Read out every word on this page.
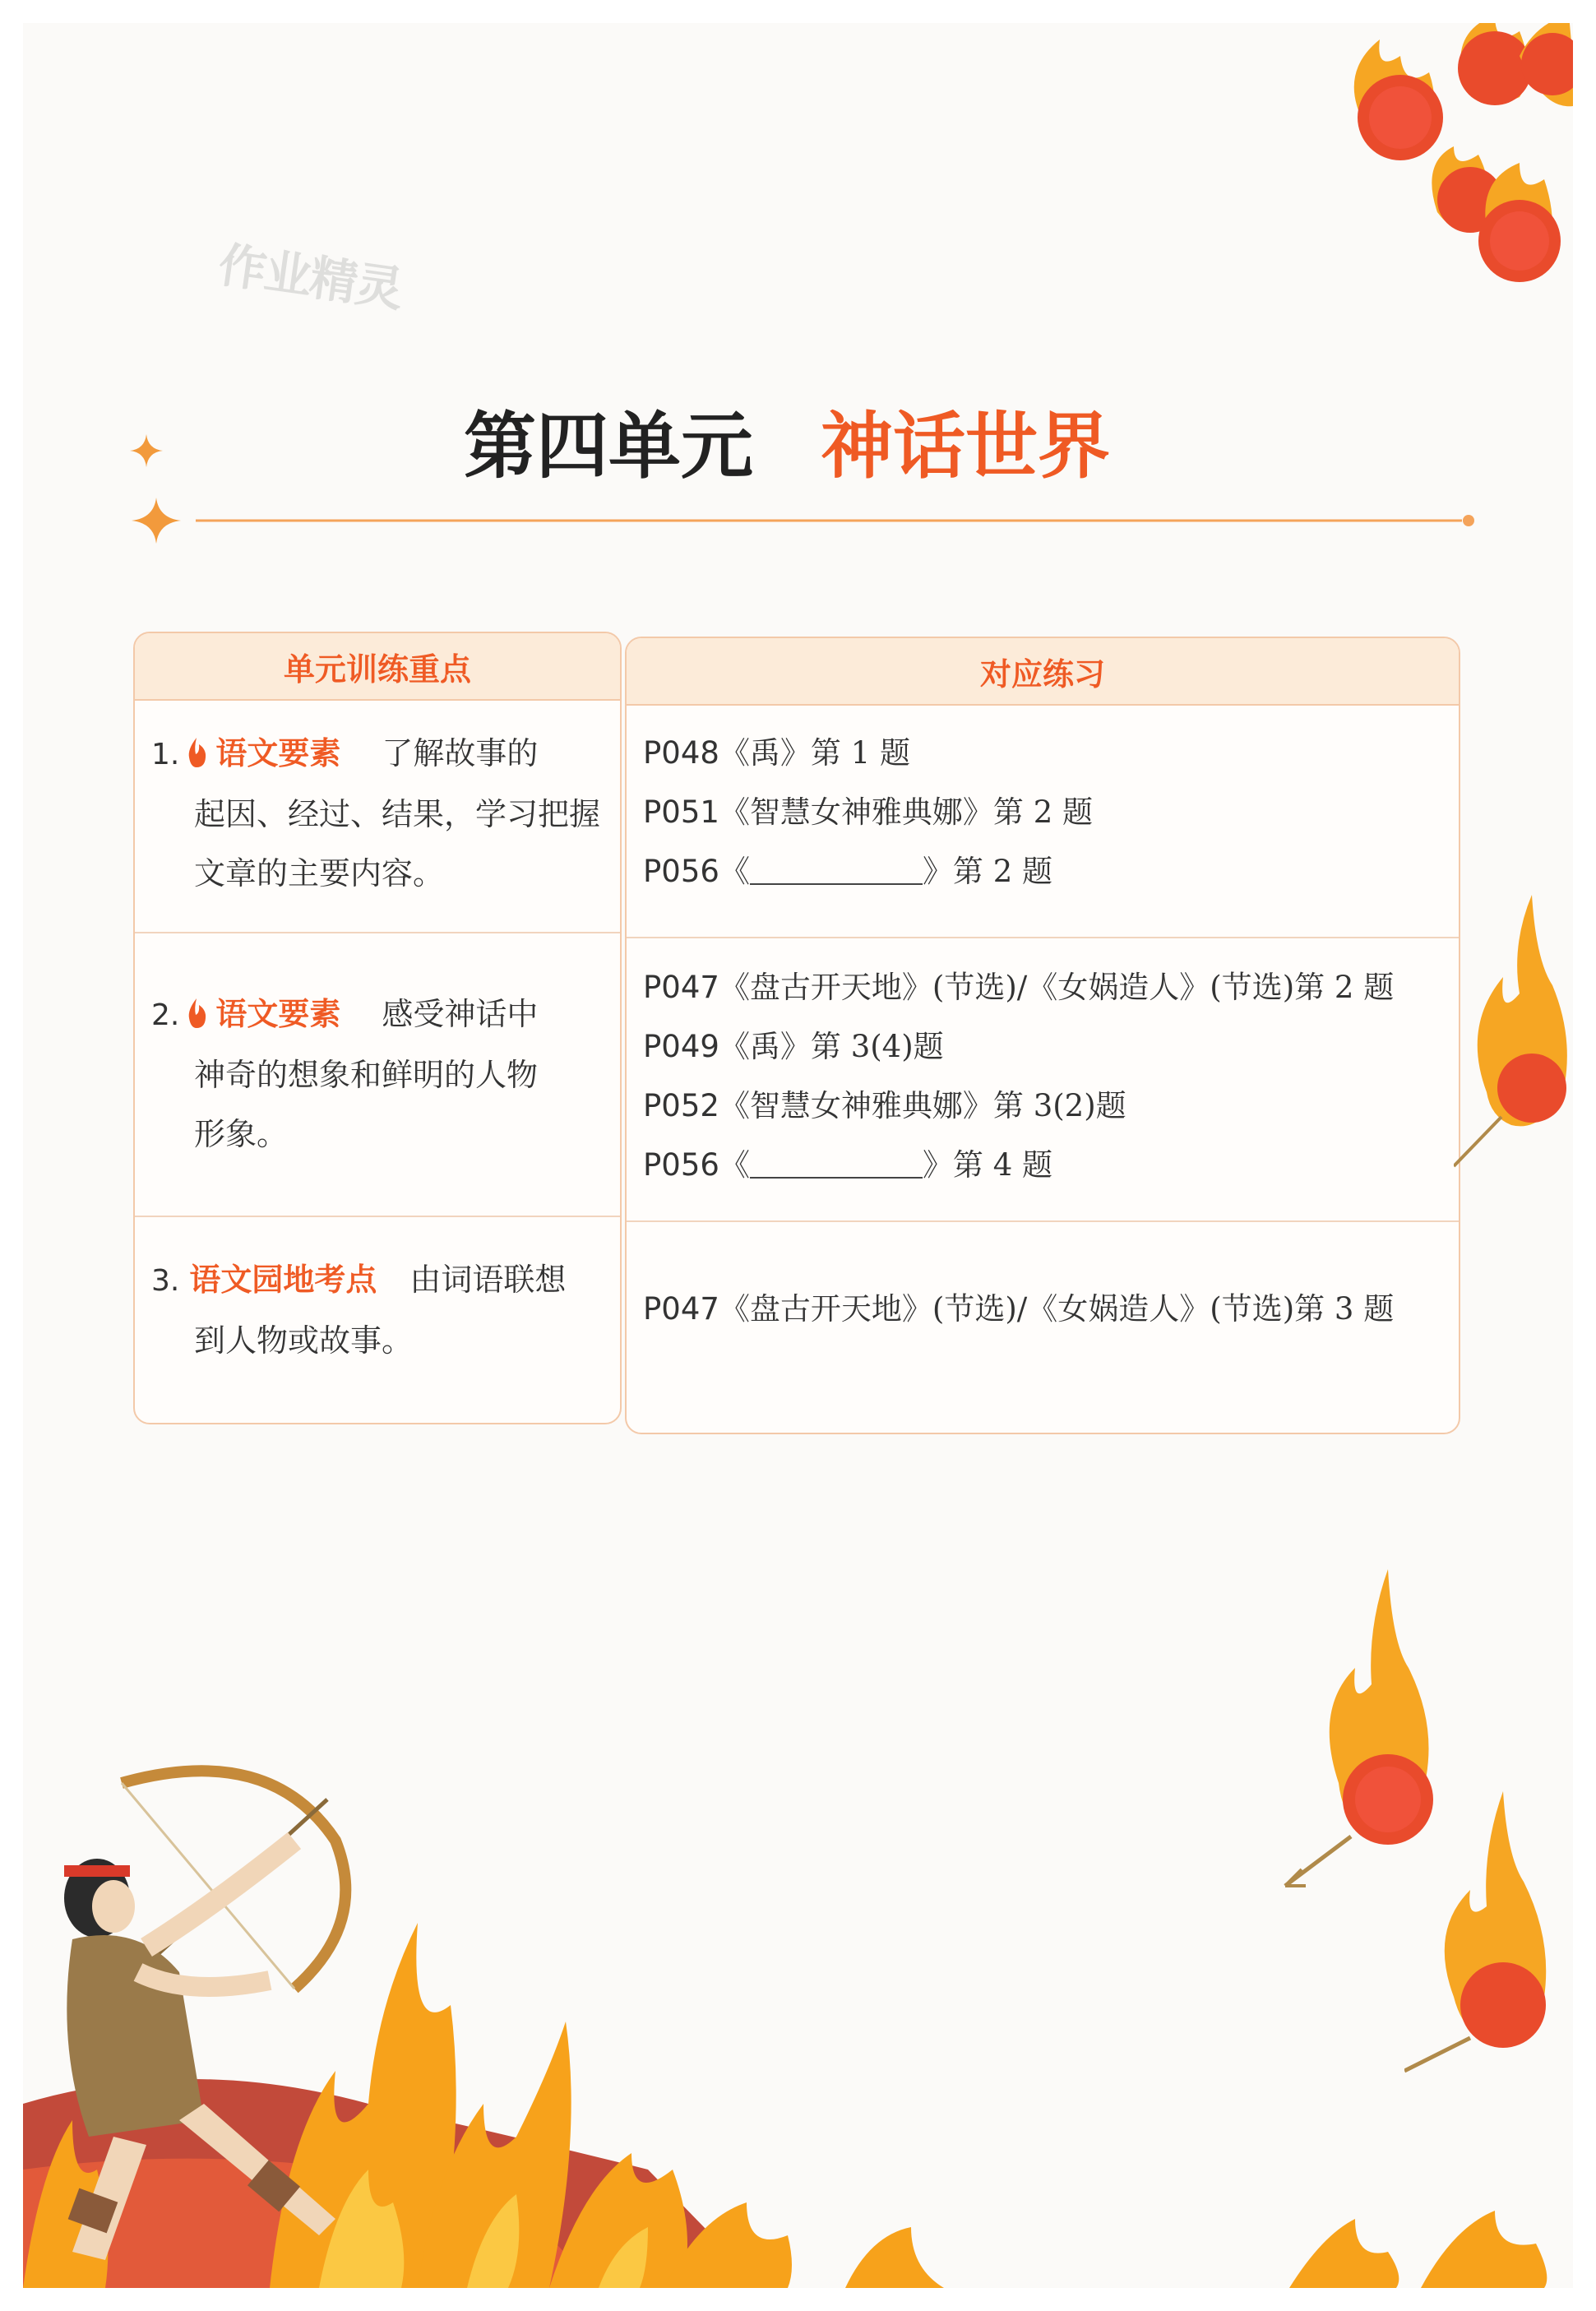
作业精灵
第四单元 神话世界
单元训练重点
1. 语文要素 了解故事的
起因、经过、结果，学习把握
文章的主要内容。
2. 语文要素 感受神话中
神奇的想象和鲜明的人物
形象。
3. 语文园地考点 由词语联想
到人物或故事。
对应练习
P048《禹》第 1 题
P051《智慧女神雅典娜》第 2 题
P056《	》第 2 题
P047《盘古开天地》(节选)/《女娲造人》(节选)第 2 题
P049《禹》第 3(4)题
P052《智慧女神雅典娜》第 3(2)题
P056《	》第 4 题
P047《盘古开天地》(节选)/《女娲造人》(节选)第 3 题
